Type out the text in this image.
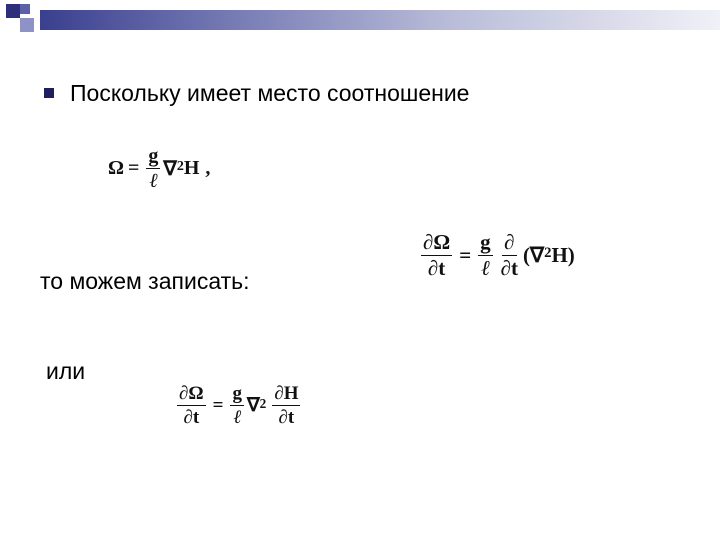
Поскольку имеет место соотношение
$\Omega = \frac{g}{\text{ℓ}}$ ∇ 2 H ,
то можем записать:
$\frac{\partial\Omega}{\partial t} = \frac{g}{\text{ℓ}} \frac{\partial}{\partial t}$ ( ∇ 2 H )
или
$\frac{\partial\Omega}{\partial t} = \frac{g}{\text{ℓ}}$ ∇ $2 \frac{\partial H}{\partial t}$
